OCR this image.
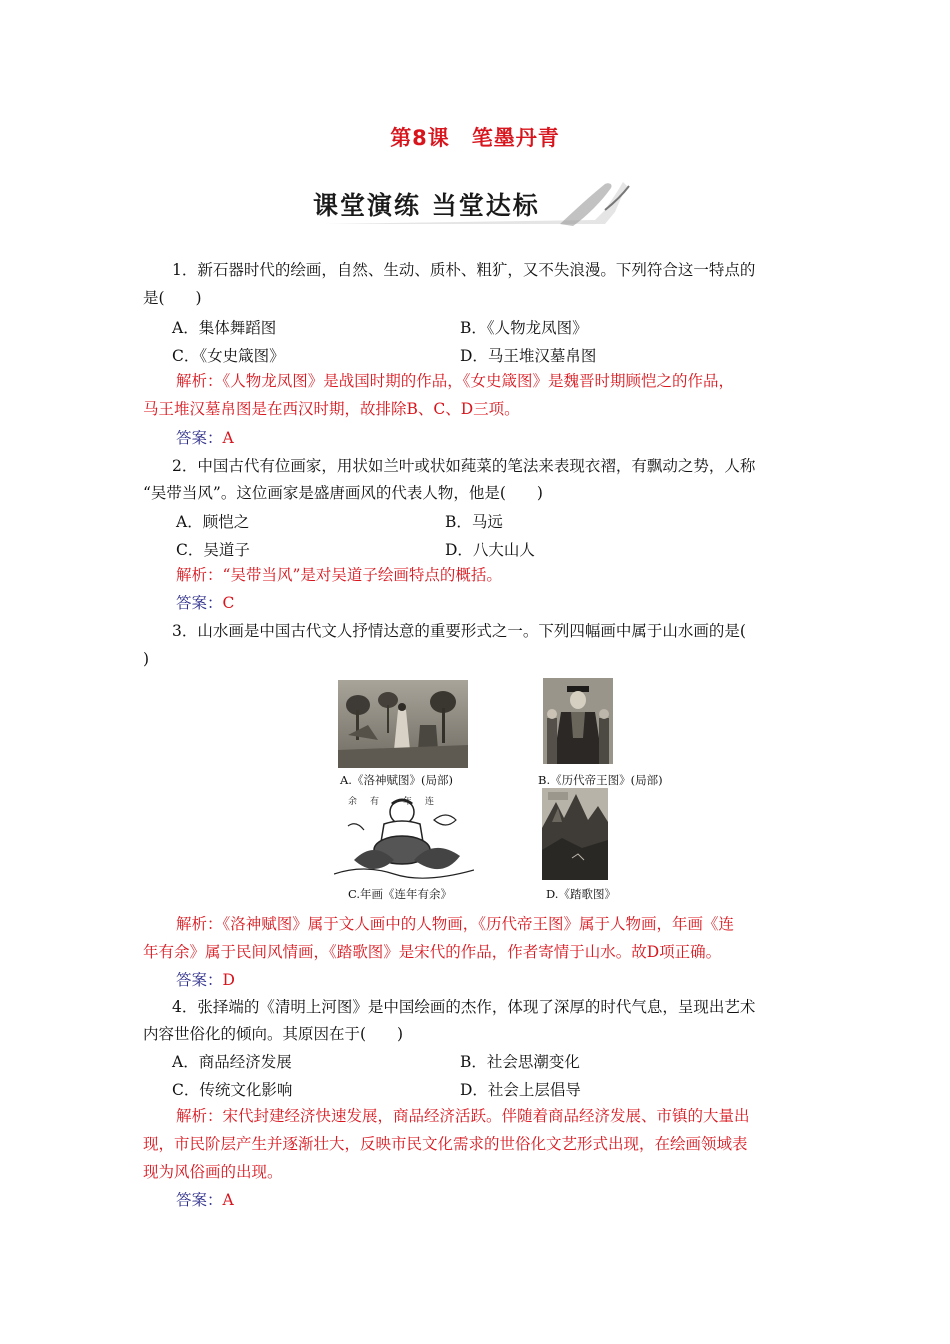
第8课　笔墨丹青
课堂演练 当堂达标
1．新石器时代的绘画，自然、生动、质朴、粗犷，又不失浪漫。下列符合这一特点的
是(　　)
A．集体舞蹈图	B．《人物龙凤图》
C．《女史箴图》	D．马王堆汉墓帛图
解析：《人物龙凤图》是战国时期的作品，《女史箴图》是魏晋时期顾恺之的作品，
马王堆汉墓帛图是在西汉时期，故排除B、C、D三项。
答案：A
2．中国古代有位画家，用状如兰叶或状如莼菜的笔法来表现衣褶，有飘动之势，人称
“吴带当风”。这位画家是盛唐画风的代表人物，他是(　　)
A．顾恺之	B．马远
C．吴道子	D．八大山人
解析：“吴带当风”是对吴道子绘画特点的概括。
答案：C
3．山水画是中国古代文人抒情达意的重要形式之一。下列四幅画中属于山水画的是(
)
A.《洛神赋图》(局部)	B.《历代帝王图》(局部)
余　有　　年　连
C.年画《连年有余》	D.《踏歌图》
解析：《洛神赋图》属于文人画中的人物画，《历代帝王图》属于人物画，年画《连
年有余》属于民间风情画，《踏歌图》是宋代的作品，作者寄情于山水。故D项正确。
答案：D
4．张择端的《清明上河图》是中国绘画的杰作，体现了深厚的时代气息，呈现出艺术
内容世俗化的倾向。其原因在于(　　)
A．商品经济发展	B．社会思潮变化
C．传统文化影响	D．社会上层倡导
解析：宋代封建经济快速发展，商品经济活跃。伴随着商品经济发展、市镇的大量出
现，市民阶层产生并逐渐壮大，反映市民文化需求的世俗化文艺形式出现，在绘画领域表
现为风俗画的出现。
答案：A
